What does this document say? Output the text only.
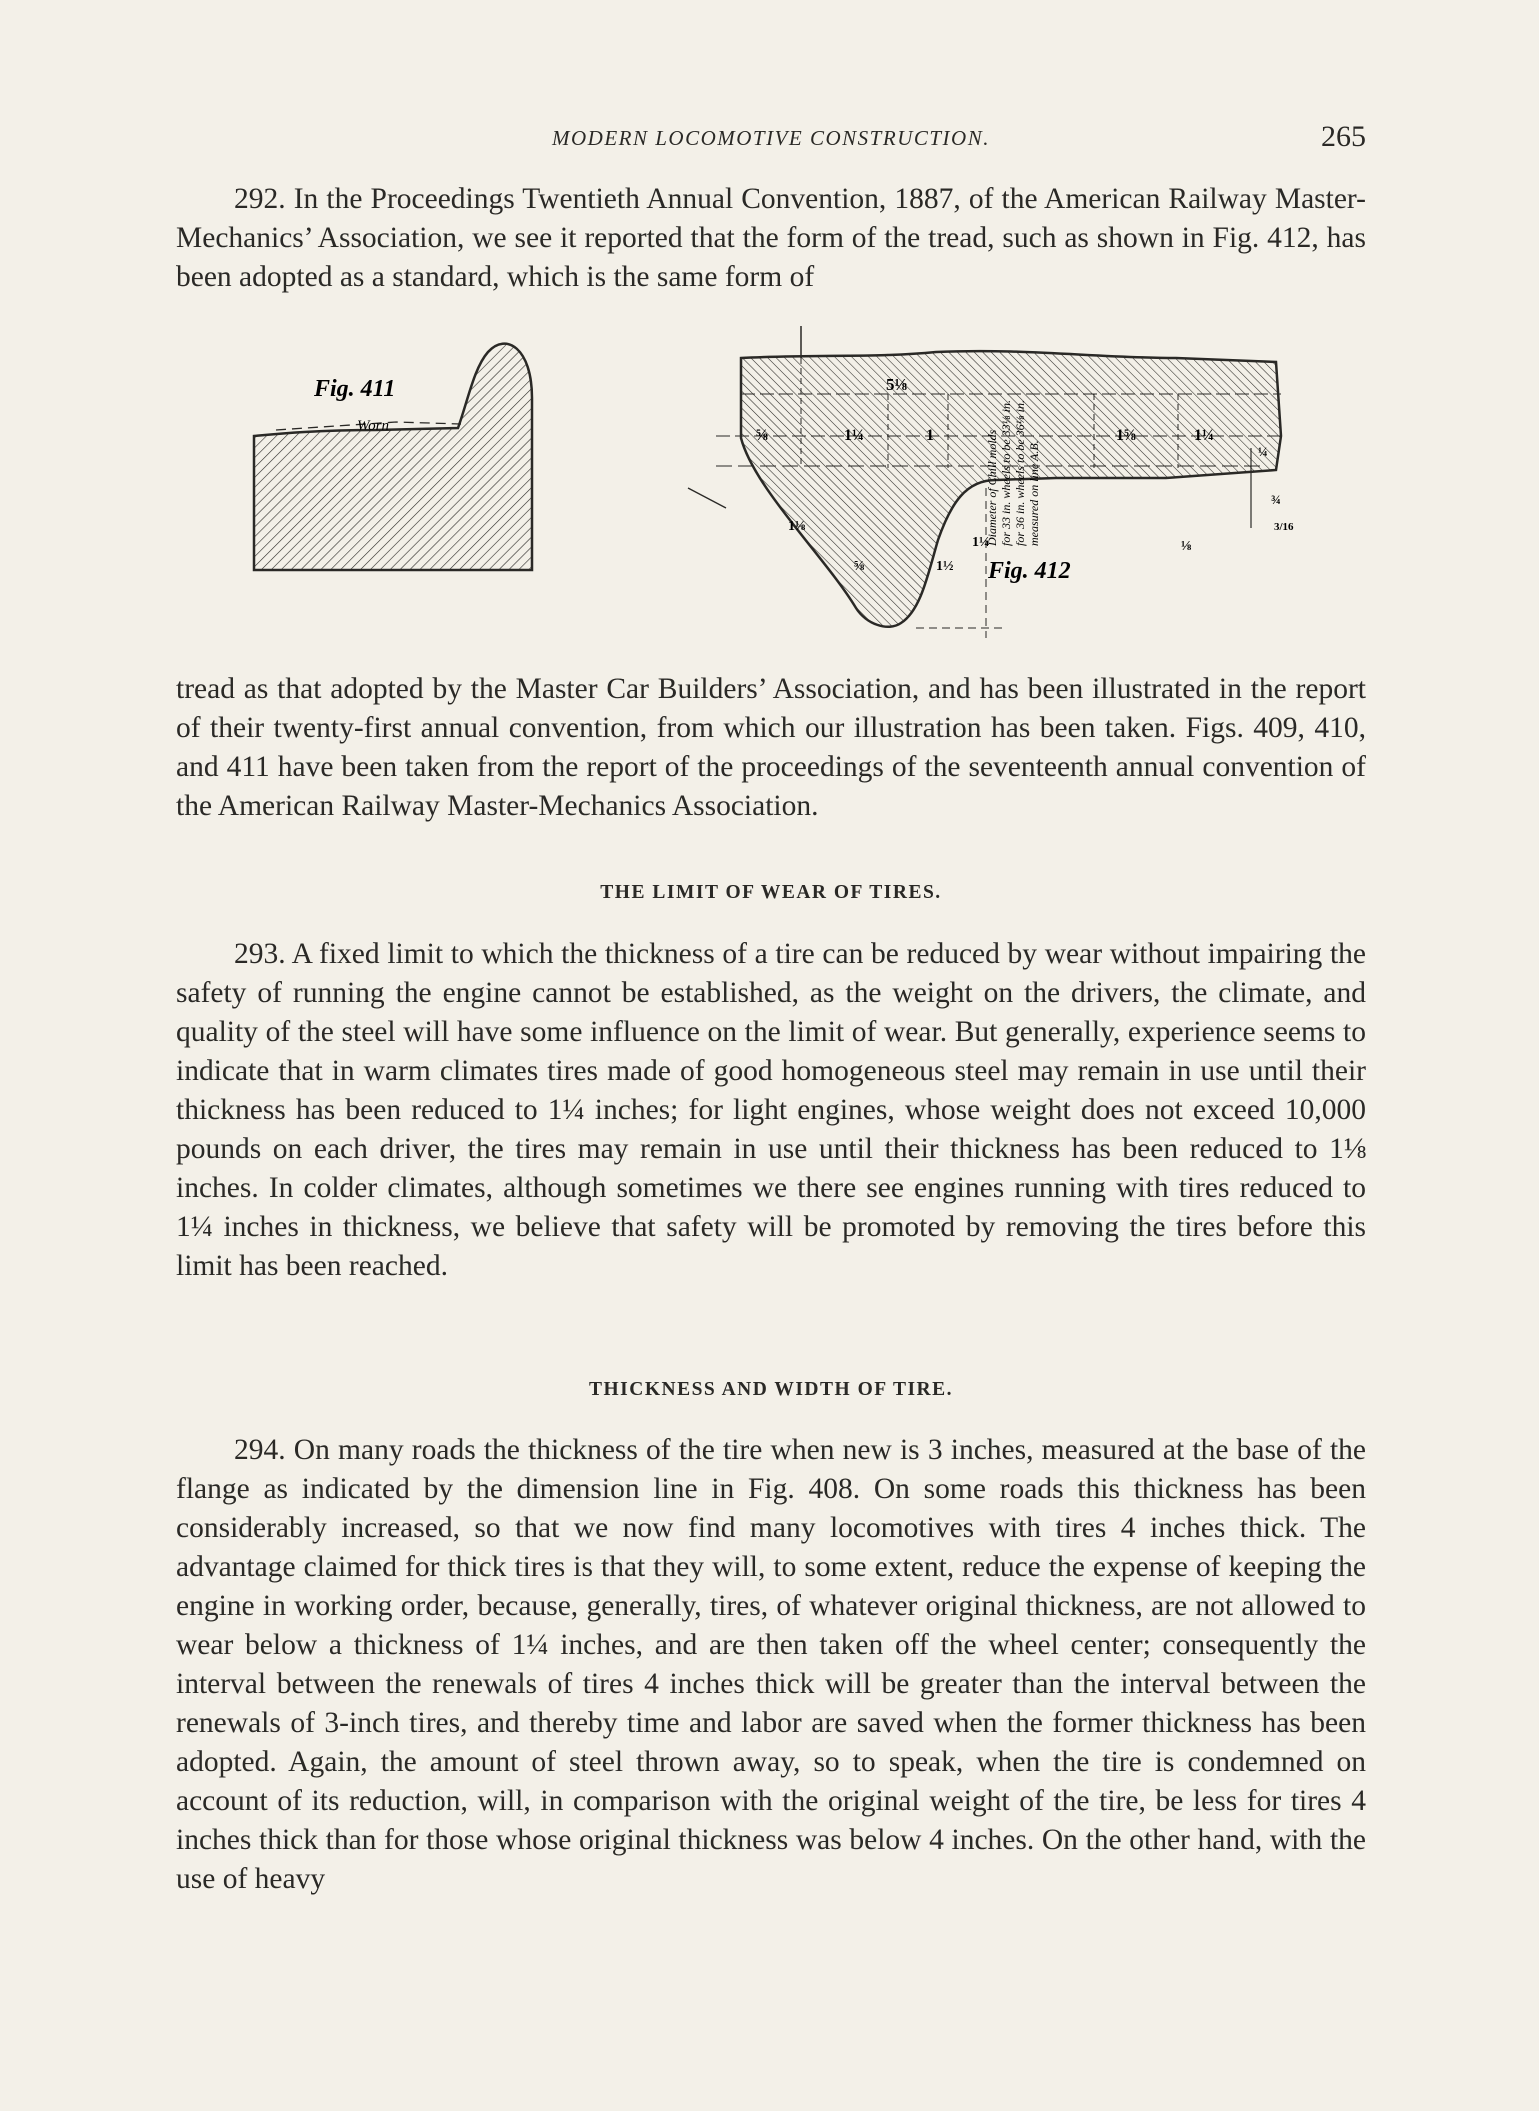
MODERN LOCOMOTIVE CONSTRUCTION.	265

292. In the Proceedings Twentieth Annual Convention, 1887, of the American Railway Master-Mechanics’ Association, we see it reported that the form of the tread, such as shown in Fig. 412, has been adopted as a standard, which is the same form of

Fig. 411
Worn
5⅛
⅝	1¼	1	1⅝	1¼
1⅛
⅝	1½
1¼	⅛
¼
¾
3/16
Diameter of Chill molds for 33 in. wheels to be 33⅛ in. for 36 in. wheels to be 36⅛ in. measured on line A.B.
Fig. 412

tread as that adopted by the Master Car Builders’ Association, and has been illustrated in the report of their twenty-first annual convention, from which our illustration has been taken. Figs. 409, 410, and 411 have been taken from the report of the proceedings of the seventeenth annual convention of the American Railway Master-Mechanics Association.

THE LIMIT OF WEAR OF TIRES.

293. A fixed limit to which the thickness of a tire can be reduced by wear without impairing the safety of running the engine cannot be established, as the weight on the drivers, the climate, and quality of the steel will have some influence on the limit of wear. But generally, experience seems to indicate that in warm climates tires made of good homogeneous steel may remain in use until their thickness has been reduced to 1¼ inches; for light engines, whose weight does not exceed 10,000 pounds on each driver, the tires may remain in use until their thickness has been reduced to 1⅛ inches. In colder climates, although sometimes we there see engines running with tires reduced to 1¼ inches in thickness, we believe that safety will be promoted by removing the tires before this limit has been reached.

THICKNESS AND WIDTH OF TIRE.

294. On many roads the thickness of the tire when new is 3 inches, measured at the base of the flange as indicated by the dimension line in Fig. 408. On some roads this thickness has been considerably increased, so that we now find many locomotives with tires 4 inches thick. The advantage claimed for thick tires is that they will, to some extent, reduce the expense of keeping the engine in working order, because, generally, tires, of whatever original thickness, are not allowed to wear below a thickness of 1¼ inches, and are then taken off the wheel center; consequently the interval between the renewals of tires 4 inches thick will be greater than the interval between the renewals of 3-inch tires, and thereby time and labor are saved when the former thickness has been adopted. Again, the amount of steel thrown away, so to speak, when the tire is condemned on account of its reduction, will, in comparison with the original weight of the tire, be less for tires 4 inches thick than for those whose original thickness was below 4 inches. On the other hand, with the use of heavy
